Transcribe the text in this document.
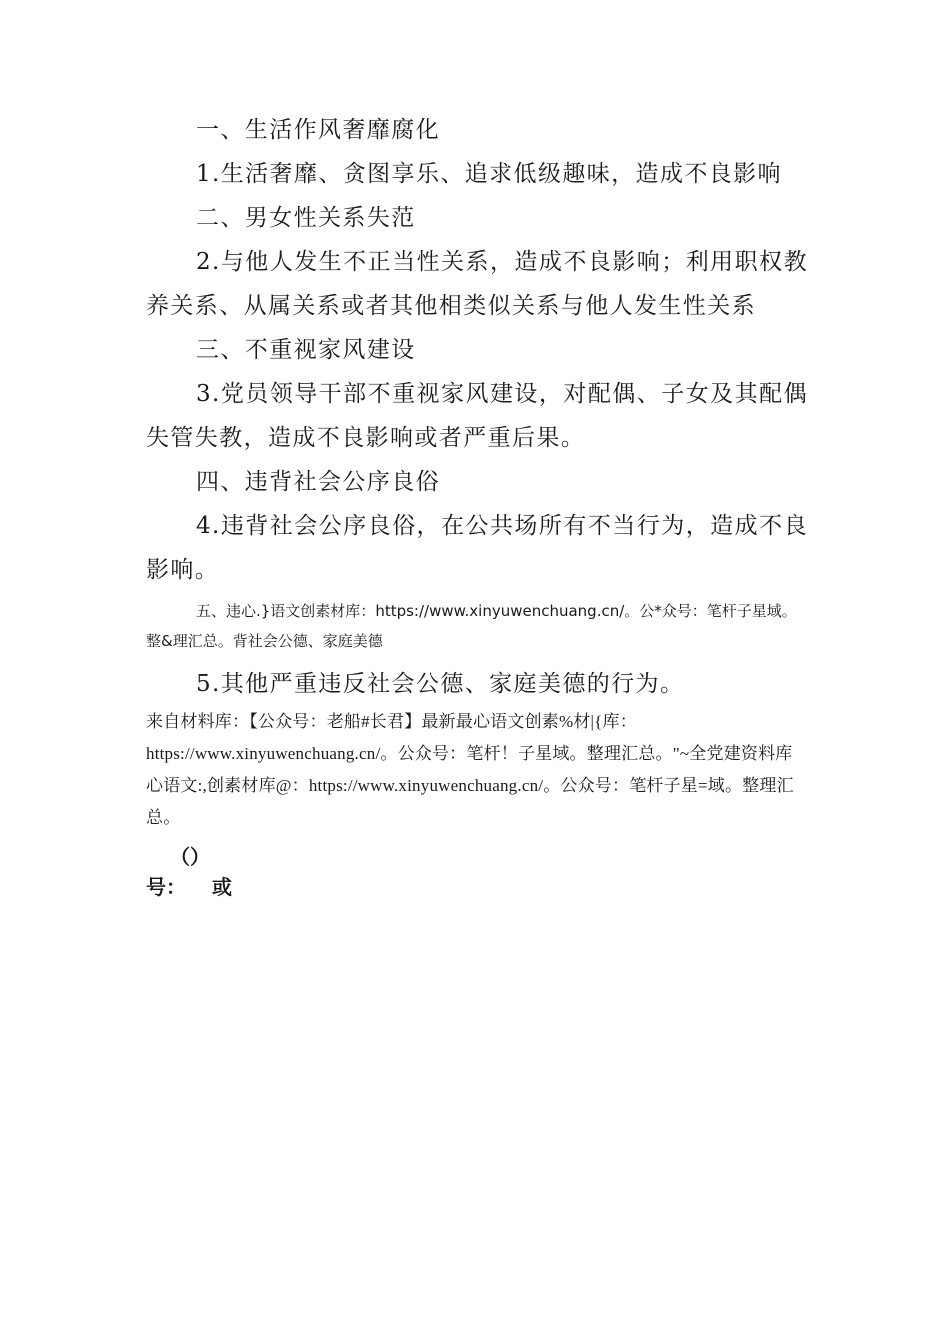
一、生活作风奢靡腐化

1.生活奢靡、贪图享乐、追求低级趣味，造成不良影响

二、男女性关系失范

2.与他人发生不正当性关系，造成不良影响；利用职权教养关系、从属关系或者其他相类似关系与他人发生性关系

三、不重视家风建设

3.党员领导干部不重视家风建设，对配偶、子女及其配偶失管失教，造成不良影响或者严重后果。

四、违背社会公序良俗

4.违背社会公序良俗，在公共场所有不当行为，造成不良影响。

五、违心.}语文创素材库：https://www.xinyuwenchuang.cn/。公*众号：笔杆子星域。整&理汇总。背社会公德、家庭美德

5.其他严重违反社会公德、家庭美德的行为。

来自材料库：【公众号：老船#长君】最新最心语文创素%材|{库：https://www.xinyuwenchuang.cn/。公众号：笔杆！子星域。整理汇总。"~全党建资料库心语文:,创素材库@：https://www.xinyuwenchuang.cn/。公众号：笔杆子星=域。整理汇总。

（）

号： 或
